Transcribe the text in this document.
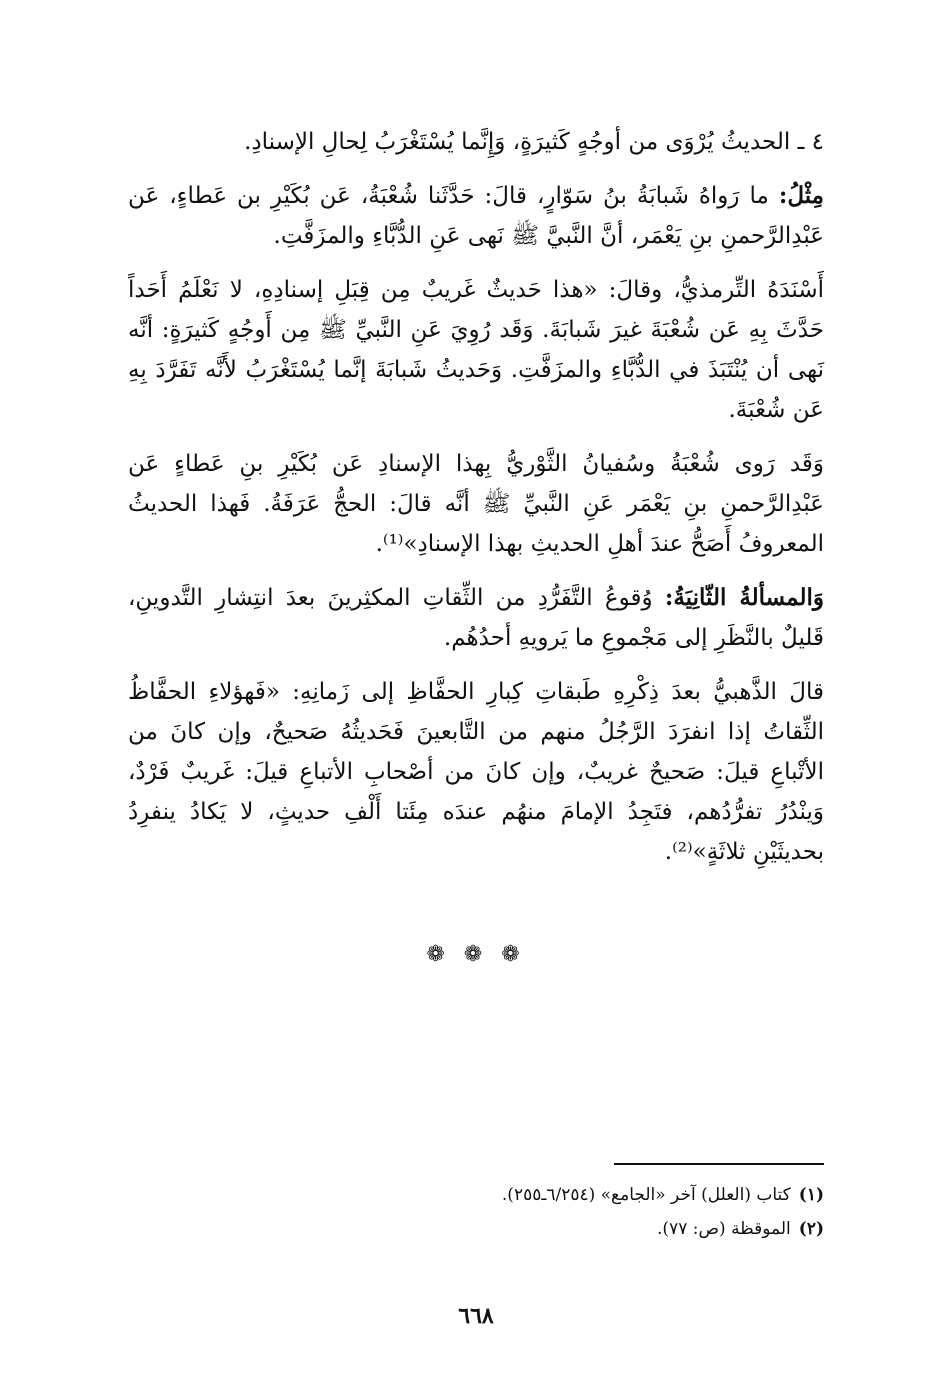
٤ ـ الحديثُ يُرْوَى من أوجُهٍ كَثيرَةٍ، وَإِنَّما يُسْتَغْرَبُ لِحالِ الإسنادِ.

مِثْلُ: ما رَواهُ شَبابَةُ بنُ سَوّارٍ، قالَ: حَدَّثَنا شُعْبَةُ، عَن بُكَيْرِ بن عَطاءٍ، عَن عَبْدِالرَّحمنِ بنِ يَعْمَر، أنَّ النَّبيَّ ﷺ نَهى عَنِ الدُّبَّاءِ والمزَفَّتِ.

أَسْنَدَهُ التِّرمذيُّ، وقالَ: «هذا حَديثٌ غَريبٌ مِن قِبَلِ إسنادِهِ، لا نَعْلَمُ أَحَداً حَدَّثَ بِهِ عَن شُعْبَةَ غيرَ شَبابَةَ. وَقَد رُوِيَ عَنِ النَّبيِّ ﷺ مِن أَوجُهٍ كَثيرَةٍ: أنَّه نَهى أن يُنْتَبَذَ في الدُّبَّاءِ والمزَفَّتِ. وَحَديثُ شَبابَةَ إنَّما يُسْتَغْرَبُ لأَنَّه تَفَرَّدَ بِهِ عَن شُعْبَةَ.

وَقَد رَوى شُعْبَةُ وسُفيانُ الثَّوْريُّ بِهذا الإسنادِ عَن بُكَيْرِ بنِ عَطاءٍ عَن عَبْدِالرَّحمنِ بنِ يَعْمَر عَنِ النَّبيِّ ﷺ أنَّه قالَ: الحجُّ عَرَفَةُ. فَهذا الحديثُ المعروفُ أَصَحُّ عندَ أهلِ الحديثِ بهذا الإسنادِ»⁽¹⁾.

وَالمسألةُ الثّانِيَةُ: وُقوعُ التَّفَرُّدِ من الثِّقاتِ المكثِرينَ بعدَ انتِشارِ التَّدوينِ، قَليلٌ بالنَّظَرِ إلى مَجْموعِ ما يَرويهِ أحدُهُم.

قالَ الذَّهبيُّ بعدَ ذِكْرِهِ طَبقاتِ كِبارِ الحفَّاظِ إلى زَمانِهِ: «فَهؤلاءِ الحفَّاظُ الثِّقاتُ إذا انفرَدَ الرَّجُلُ منهم من التَّابعينَ فَحَديثُهُ صَحيحٌ، وإن كانَ من الأتْباعِ قيلَ: صَحيحٌ غريبٌ، وإن كانَ من أصْحابِ الأتباعِ قيلَ: غَريبٌ فَرْدٌ، وَينْدُرُ تفرُّدُهم، فتَجِدُ الإمامَ منهُم عندَه مِئَتا أَلْفِ حديثٍ، لا يَكادُ ينفرِدُ بحديثَيْنِ ثلاثَةٍ»⁽²⁾.

❁ ❁ ❁

(١)كتاب (العلل) آخر «الجامع» (٦/٢٥٤ـ٢٥٥).

(٢)الموقظة (ص: ٧٧).

٦٦٨
